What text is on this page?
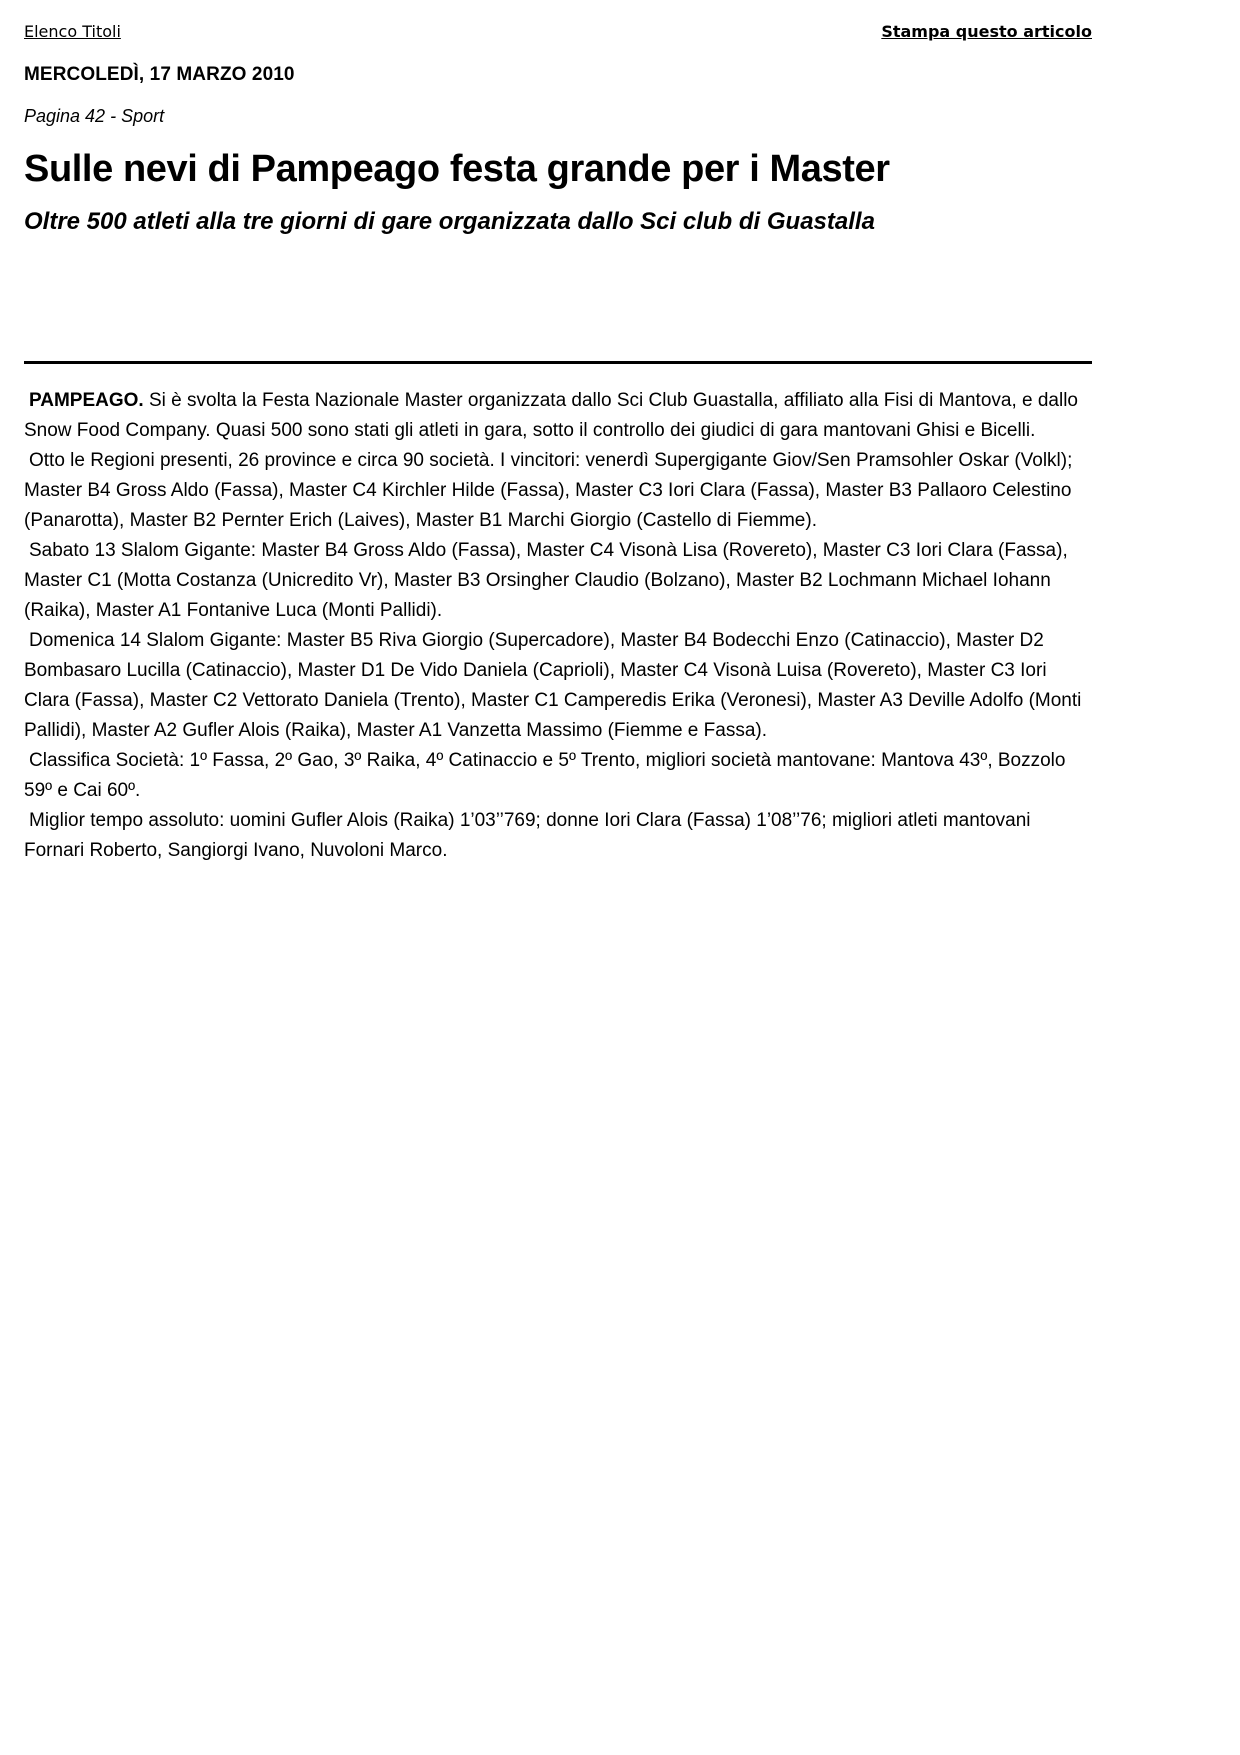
Elenco Titoli	Stampa questo articolo
MERCOLEDÌ, 17 MARZO 2010
Pagina 42 - Sport
Sulle nevi di Pampeago festa grande per i Master
Oltre 500 atleti alla tre giorni di gare organizzata dallo Sci club di Guastalla

PAMPEAGO. Si è svolta la Festa Nazionale Master organizzata dallo Sci Club Guastalla, affiliato alla Fisi di Mantova, e dallo Snow Food Company. Quasi 500 sono stati gli atleti in gara, sotto il controllo dei giudici di gara mantovani Ghisi e Bicelli.

Otto le Regioni presenti, 26 province e circa 90 società. I vincitori: venerdì Supergigante Giov/Sen Pramsohler Oskar (Volkl); Master B4 Gross Aldo (Fassa), Master C4 Kirchler Hilde (Fassa), Master C3 Iori Clara (Fassa), Master B3 Pallaoro Celestino (Panarotta), Master B2 Pernter Erich (Laives), Master B1 Marchi Giorgio (Castello di Fiemme).

Sabato 13 Slalom Gigante: Master B4 Gross Aldo (Fassa), Master C4 Visonà Lisa (Rovereto), Master C3 Iori Clara (Fassa), Master C1 (Motta Costanza (Unicredito Vr), Master B3 Orsingher Claudio (Bolzano), Master B2 Lochmann Michael Iohann (Raika), Master A1 Fontanive Luca (Monti Pallidi).

Domenica 14 Slalom Gigante: Master B5 Riva Giorgio (Supercadore), Master B4 Bodecchi Enzo (Catinaccio), Master D2 Bombasaro Lucilla (Catinaccio), Master D1 De Vido Daniela (Caprioli), Master C4 Visonà Luisa (Rovereto), Master C3 Iori Clara (Fassa), Master C2 Vettorato Daniela (Trento), Master C1 Camperedis Erika (Veronesi), Master A3 Deville Adolfo (Monti Pallidi), Master A2 Gufler Alois (Raika), Master A1 Vanzetta Massimo (Fiemme e Fassa).

Classifica Società: 1º Fassa, 2º Gao, 3º Raika, 4º Catinaccio e 5º Trento, migliori società mantovane: Mantova 43º, Bozzolo 59º e Cai 60º.

Miglior tempo assoluto: uomini Gufler Alois (Raika) 1’03’’769; donne Iori Clara (Fassa) 1’08’’76; migliori atleti mantovani Fornari Roberto, Sangiorgi Ivano, Nuvoloni Marco.
